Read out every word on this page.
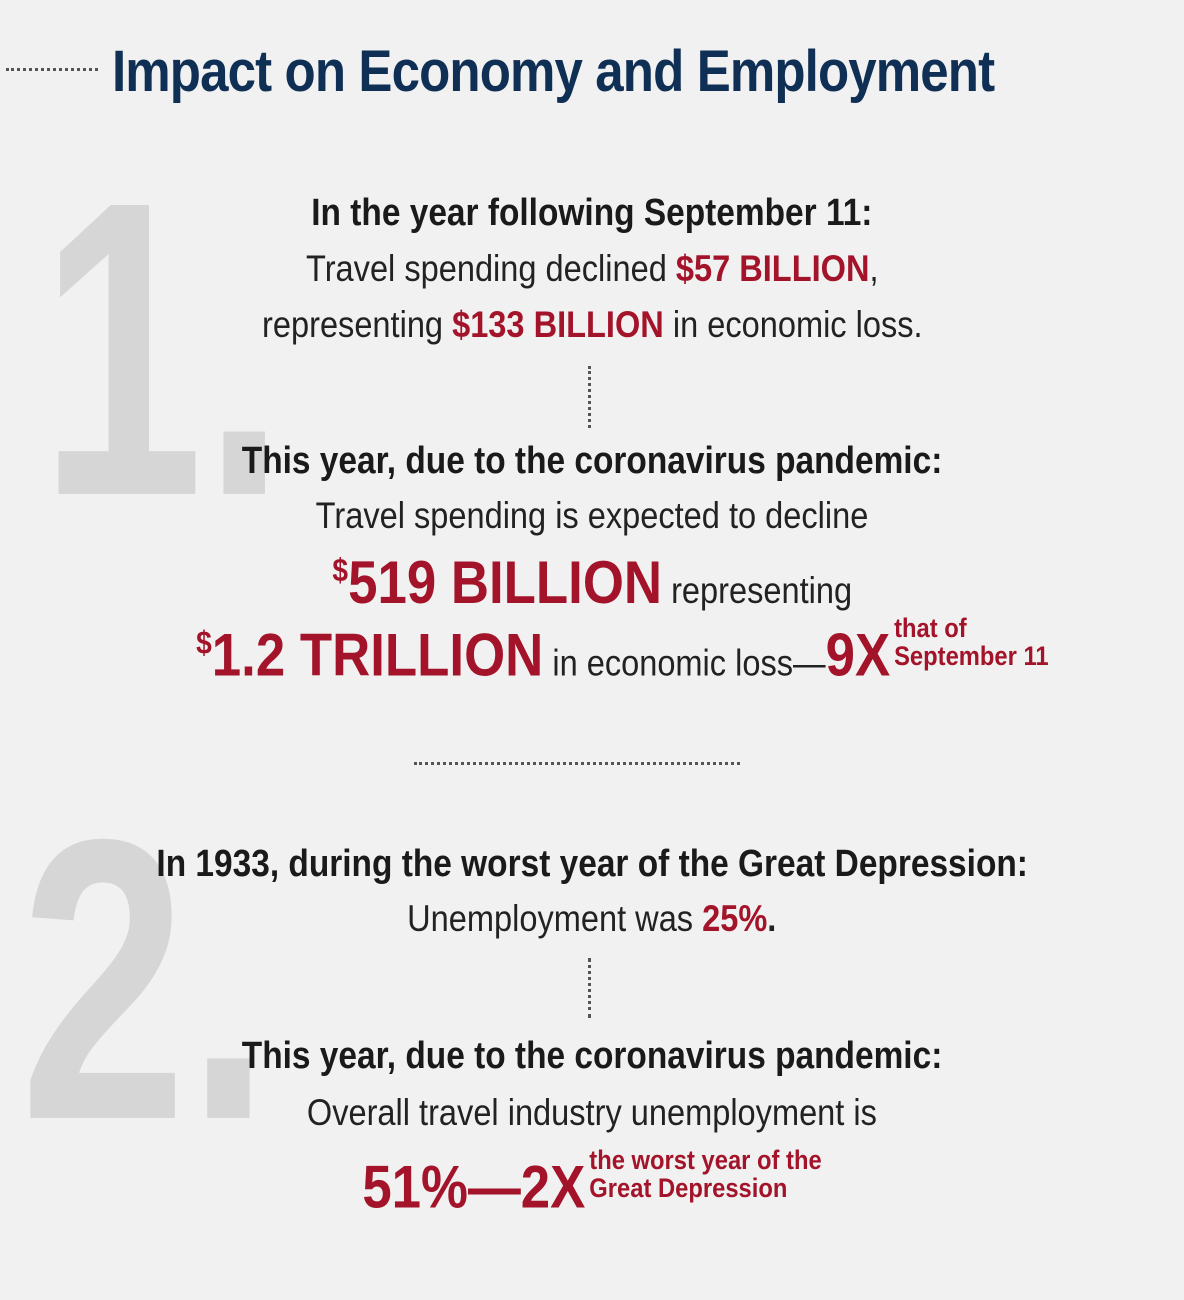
Impact on Economy and Employment
1. In the year following September 11:
Travel spending declined $57 BILLION,
representing $133 BILLION in economic loss.
This year, due to the coronavirus pandemic:
Travel spending is expected to decline
$519 BILLION representing
$1.2 TRILLION in economic loss—9X that of
September 11
2.
In 1933, during the worst year of the Great Depression:
Unemployment was 25%.
This year, due to the coronavirus pandemic:
Overall travel industry unemployment is
51%—2X the worst year of the
Great Depression
